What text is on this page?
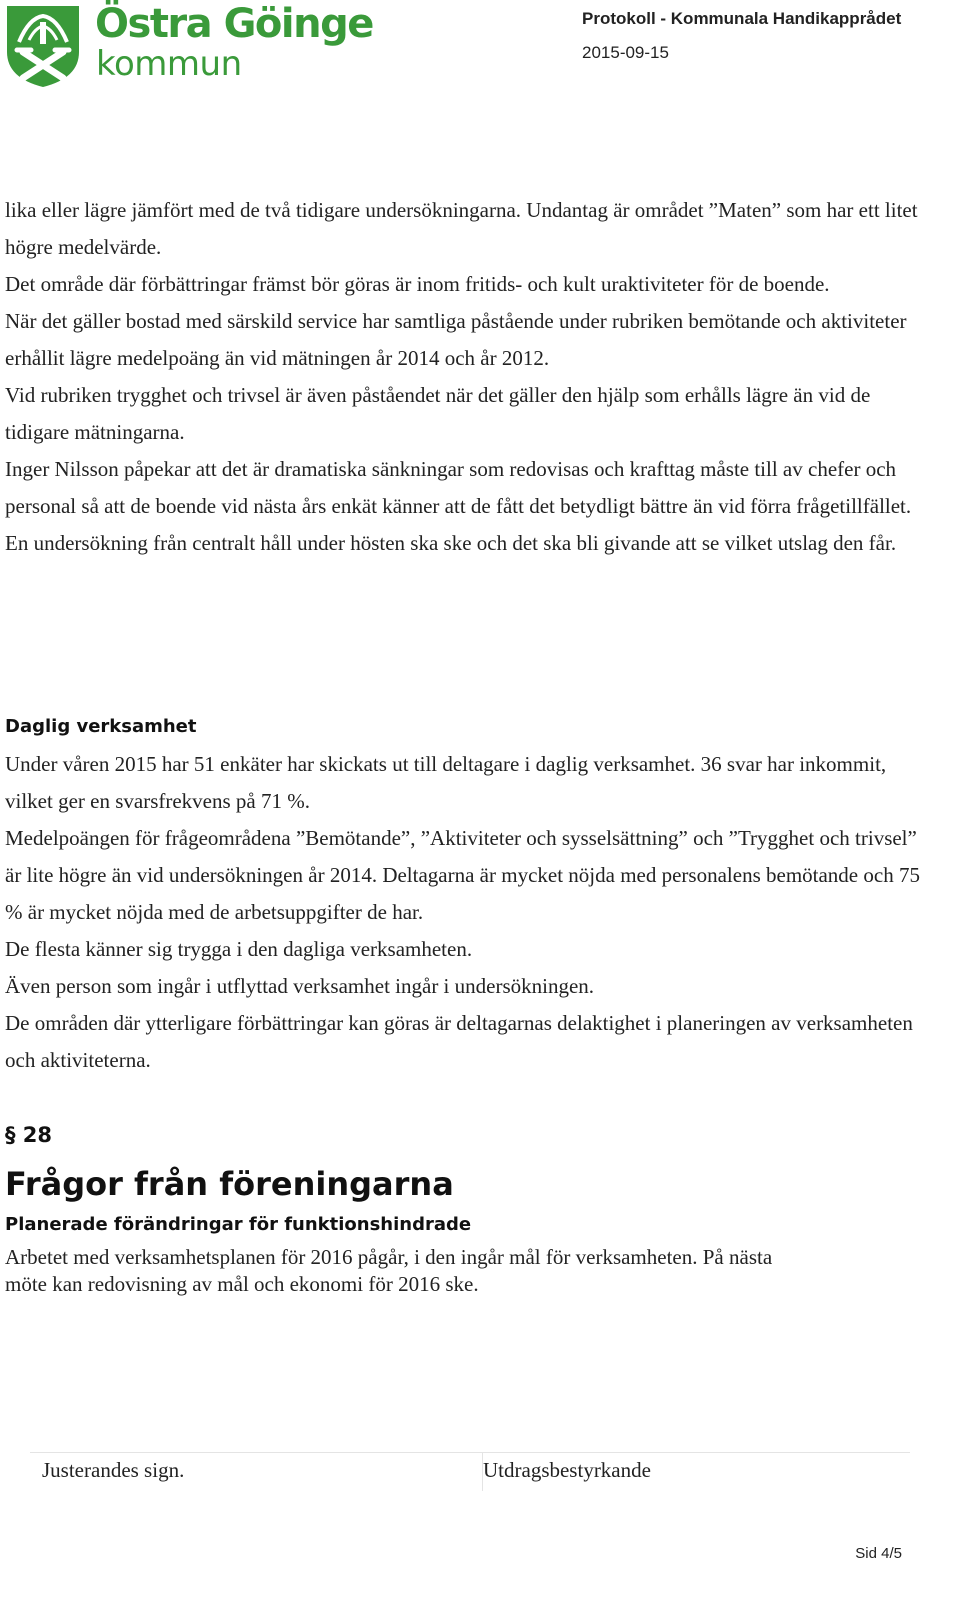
Östra Göinge
kommun
Protokoll - Kommunala Handikapprådet
2015-09-15

lika eller lägre jämfört med de två tidigare undersökningarna. Undantag är området ”Maten” som har ett litet högre medelvärde.

Det område där förbättringar främst bör göras är inom fritids- och kult uraktiviteter för de boende.

När det gäller bostad med särskild service har samtliga påstående under rubriken bemötande och aktiviteter erhållit lägre medelpoäng än vid mätningen år 2014 och år 2012.

Vid rubriken trygghet och trivsel är även påståendet när det gäller den hjälp som erhålls lägre än vid de tidigare mätningarna.

Inger Nilsson påpekar att det är dramatiska sänkningar som redovisas och krafttag måste till av chefer och personal så att de boende vid nästa års enkät känner att de fått det betydligt bättre än vid förra frågetillfället.

En undersökning från centralt håll under hösten ska ske och det ska bli givande att se vilket utslag den får.

Daglig verksamhet

Under våren 2015 har 51 enkäter har skickats ut till deltagare i daglig verksamhet. 36 svar har inkommit, vilket ger en svarsfrekvens på 71 %.

Medelpoängen för frågeområdena ”Bemötande”, ”Aktiviteter och sysselsättning” och ”Trygghet och trivsel” är lite högre än vid undersökningen år 2014. Deltagarna är mycket nöjda med personalens bemötande och 75 % är mycket nöjda med de arbetsuppgifter de har.

De flesta känner sig trygga i den dagliga verksamheten.

Även person som ingår i utflyttad verksamhet ingår i undersökningen.

De områden där ytterligare förbättringar kan göras är deltagarnas delaktighet i planeringen av verksamheten och aktiviteterna.

§ 28
Frågor från föreningarna
Planerade förändringar för funktionshindrade
Arbetet med verksamhetsplanen för 2016 pågår, i den ingår mål för verksamheten. På nästa
möte kan redovisning av mål och ekonomi för 2016 ske.
Justerandes sign.	Utdragsbestyrkande
Sid 4/5
